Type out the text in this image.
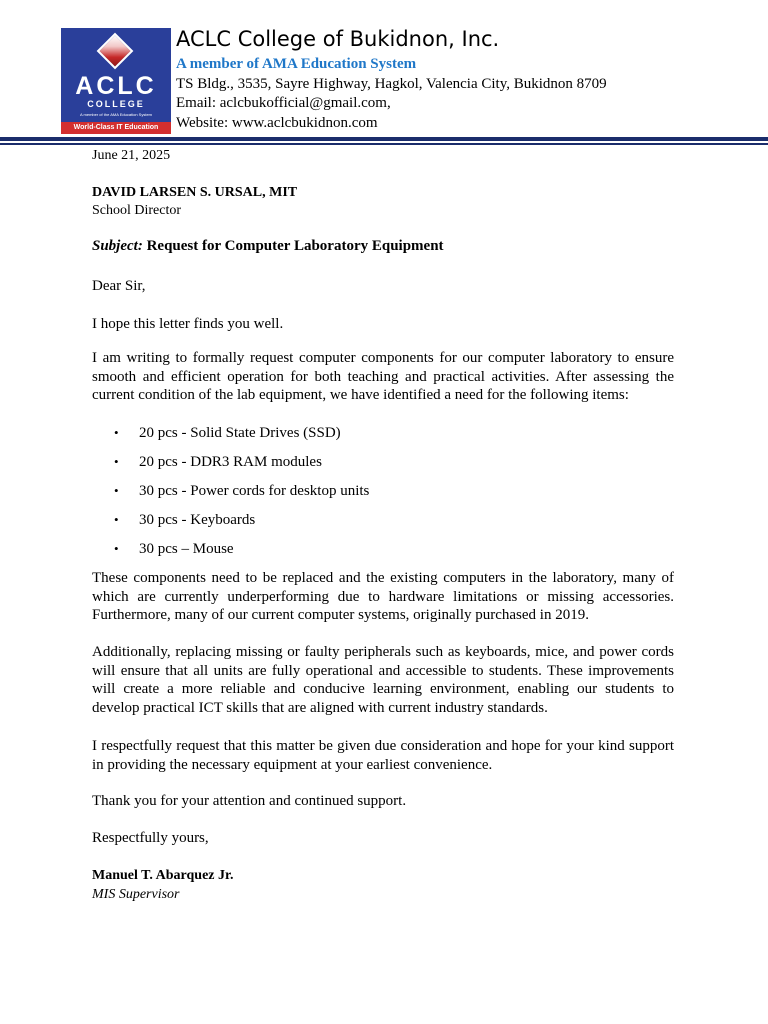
ACLC
COLLEGE
A member of the AMA Education System
World-Class IT Education
ACLC College of Bukidnon, Inc.
A member of AMA Education System
TS Bldg., 3535, Sayre Highway, Hagkol, Valencia City, Bukidnon 8709
Email: aclcbukofficial@gmail.com,
Website: www.aclcbukidnon.com
June 21, 2025
DAVID LARSEN S. URSAL, MIT
School Director
Subject: Request for Computer Laboratory Equipment
Dear Sir,
I hope this letter finds you well.
I am writing to formally request computer components for our computer laboratory to ensure smooth and efficient operation for both teaching and practical activities. After assessing the current condition of the lab equipment, we have identified a need for the following items:
• 20 pcs - Solid State Drives (SSD)
• 20 pcs - DDR3 RAM modules
• 30 pcs - Power cords for desktop units
• 30 pcs - Keyboards
• 30 pcs – Mouse
These components need to be replaced and the existing computers in the laboratory, many of which are currently underperforming due to hardware limitations or missing accessories. Furthermore, many of our current computer systems, originally purchased in 2019.
Additionally, replacing missing or faulty peripherals such as keyboards, mice, and power cords will ensure that all units are fully operational and accessible to students. These improvements will create a more reliable and conducive learning environment, enabling our students to develop practical ICT skills that are aligned with current industry standards.
I respectfully request that this matter be given due consideration and hope for your kind support in providing the necessary equipment at your earliest convenience.
Thank you for your attention and continued support.
Respectfully yours,
Manuel T. Abarquez Jr.
MIS Supervisor
